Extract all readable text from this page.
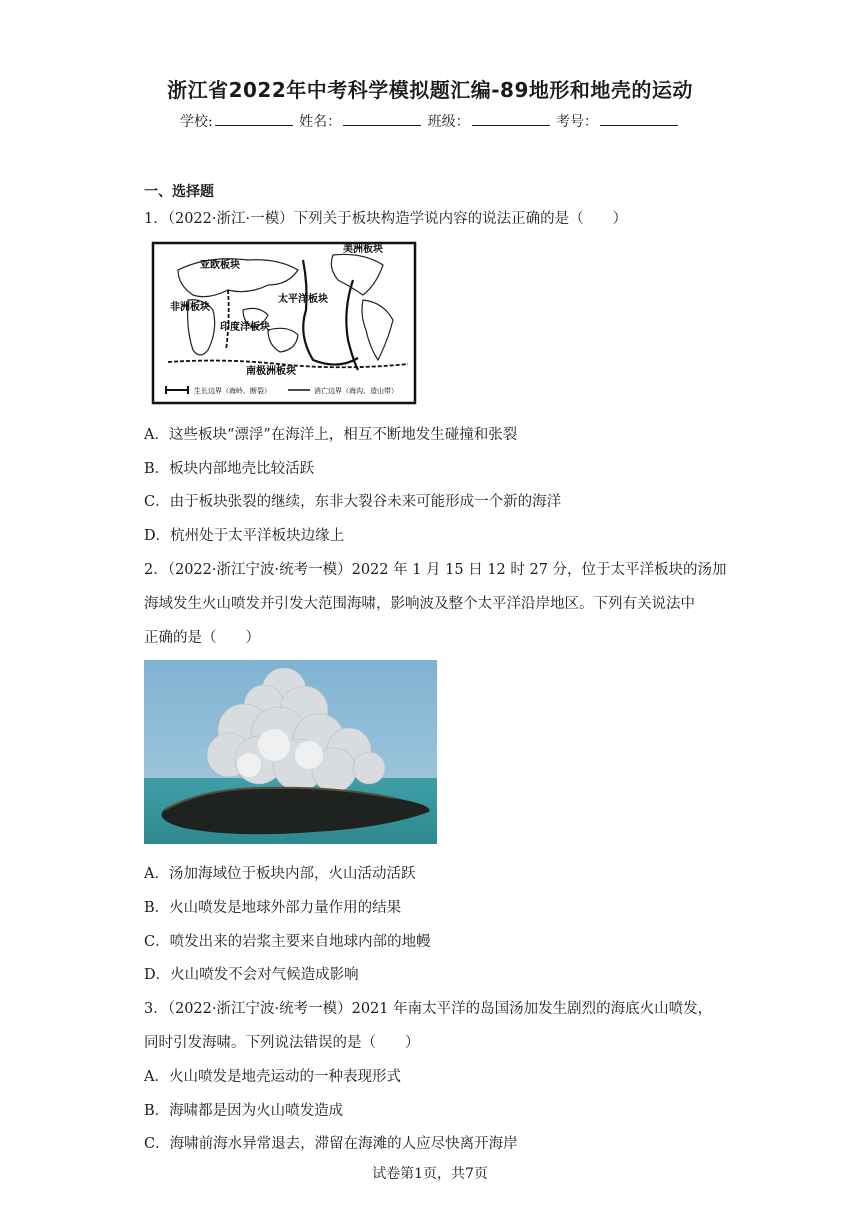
浙江省2022年中考科学模拟题汇编-89地形和地壳的运动
学校:	姓名：	班级：	考号：
一、选择题
1．（2022·浙江·一模）下列关于板块构造学说内容的说法正确的是（　　）
亚欧板块
美洲板块
太平洋板块
非洲板块
印度洋板块
南极洲板块
生长边界（海岭、断裂）	消亡边界（海沟、造山带）
A．这些板块“漂浮”在海洋上，相互不断地发生碰撞和张裂
B．板块内部地壳比较活跃
C．由于板块张裂的继续，东非大裂谷未来可能形成一个新的海洋
D．杭州处于太平洋板块边缘上
2．（2022·浙江宁波·统考一模）2022 年 1 月 15 日 12 时 27 分，位于太平洋板块的汤加
海域发生火山喷发并引发大范围海啸，影响波及整个太平洋沿岸地区。下列有关说法中
正确的是（　　）
A．汤加海域位于板块内部，火山活动活跃
B．火山喷发是地球外部力量作用的结果
C．喷发出来的岩浆主要来自地球内部的地幔
D．火山喷发不会对气候造成影响
3．（2022·浙江宁波·统考一模）2021 年南太平洋的岛国汤加发生剧烈的海底火山喷发，
同时引发海啸。下列说法错误的是（　　）
A．火山喷发是地壳运动的一种表现形式
B．海啸都是因为火山喷发造成
C．海啸前海水异常退去，滞留在海滩的人应尽快离开海岸
试卷第1页，共7页
